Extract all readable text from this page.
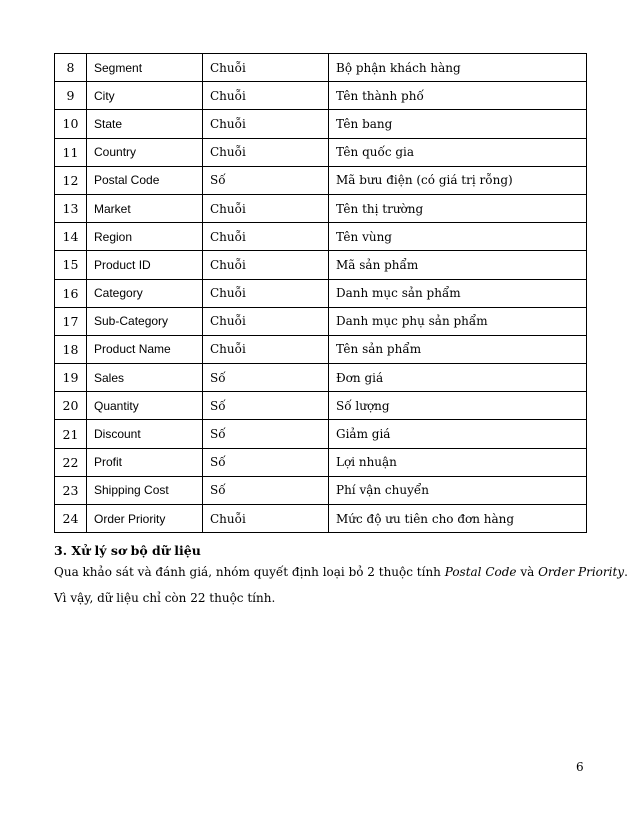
8	Segment	Chuỗi	Bộ phận khách hàng
9	City	Chuỗi	Tên thành phố
10	State	Chuỗi	Tên bang
11	Country	Chuỗi	Tên quốc gia
12	Postal Code	Số	Mã bưu điện (có giá trị rỗng)
13	Market	Chuỗi	Tên thị trường
14	Region	Chuỗi	Tên vùng
15	Product ID	Chuỗi	Mã sản phẩm
16	Category	Chuỗi	Danh mục sản phẩm
17	Sub-Category	Chuỗi	Danh mục phụ sản phẩm
18	Product Name	Chuỗi	Tên sản phẩm
19	Sales	Số	Đơn giá
20	Quantity	Số	Số lượng
21	Discount	Số	Giảm giá
22	Profit	Số	Lợi nhuận
23	Shipping Cost	Số	Phí vận chuyển
24	Order Priority	Chuỗi	Mức độ ưu tiên cho đơn hàng

3. Xử lý sơ bộ dữ liệu

Qua khảo sát và đánh giá, nhóm quyết định loại bỏ 2 thuộc tính Postal Code và Order Priority.

Vì vậy, dữ liệu chỉ còn 22 thuộc tính.

6
